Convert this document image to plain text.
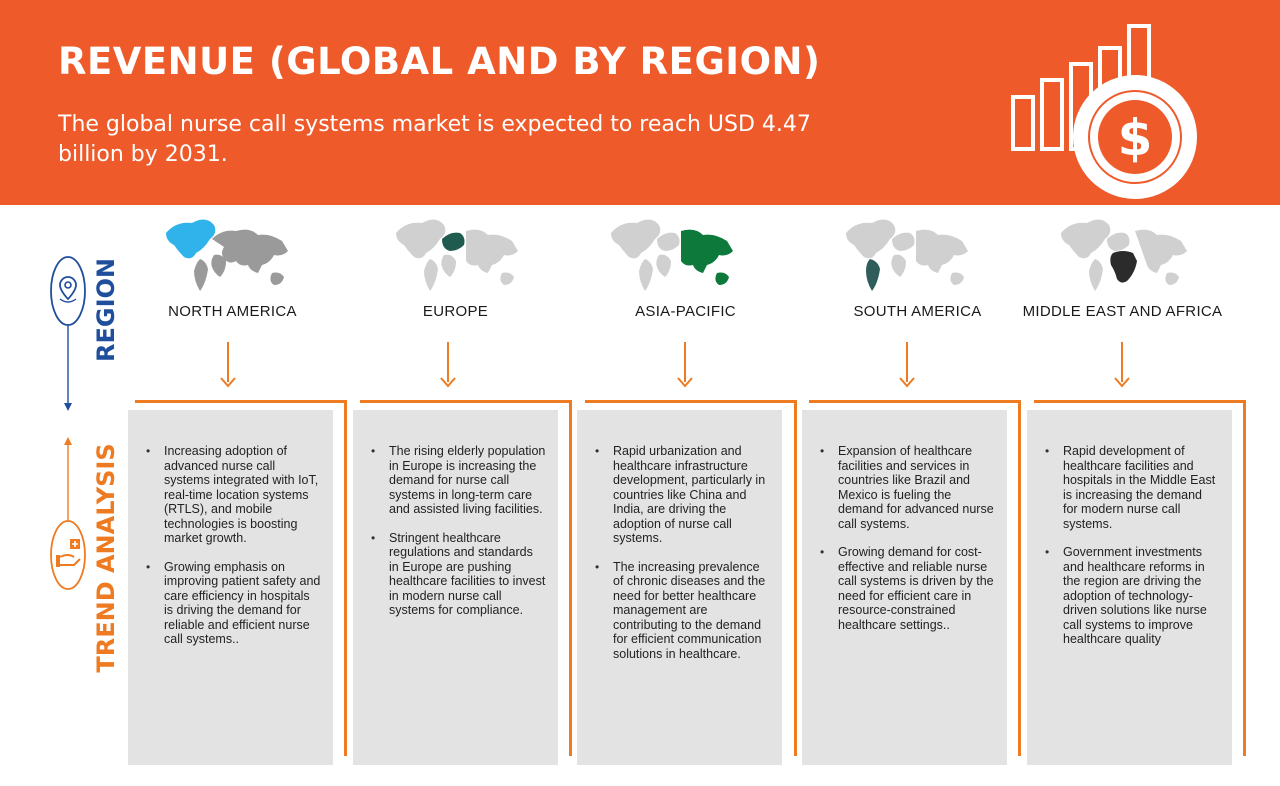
REVENUE (GLOBAL AND BY REGION)
The global nurse call systems market is expected to reach USD 4.47 billion by 2031.	$
REGION
TREND ANALYSIS
NORTH AMERICA
• Increasing adoption of advanced nurse call systems integrated with IoT, real-time location systems (RTLS), and mobile technologies is boosting market growth.
• Growing emphasis on improving patient safety and care efficiency in hospitals is driving the demand for reliable and efficient nurse call systems..
EUROPE
• The rising elderly population in Europe is increasing the demand for nurse call systems in long-term care and assisted living facilities.
• Stringent healthcare regulations and standards in Europe are pushing healthcare facilities to invest in modern nurse call systems for compliance.
ASIA-PACIFIC
• Rapid urbanization and healthcare infrastructure development, particularly in countries like China and India, are driving the adoption of nurse call systems.
• The increasing prevalence of chronic diseases and the need for better healthcare management are contributing to the demand for efficient communication solutions in healthcare.
SOUTH AMERICA
• Expansion of healthcare facilities and services in countries like Brazil and Mexico is fueling the demand for advanced nurse call systems.
• Growing demand for cost-effective and reliable nurse call systems is driven by the need for efficient care in resource-constrained healthcare settings..
MIDDLE EAST AND AFRICA
• Rapid development of healthcare facilities and hospitals in the Middle East is increasing the demand for modern nurse call systems.
• Government investments and healthcare reforms in the region are driving the adoption of technology-driven solutions like nurse call systems to improve healthcare quality
